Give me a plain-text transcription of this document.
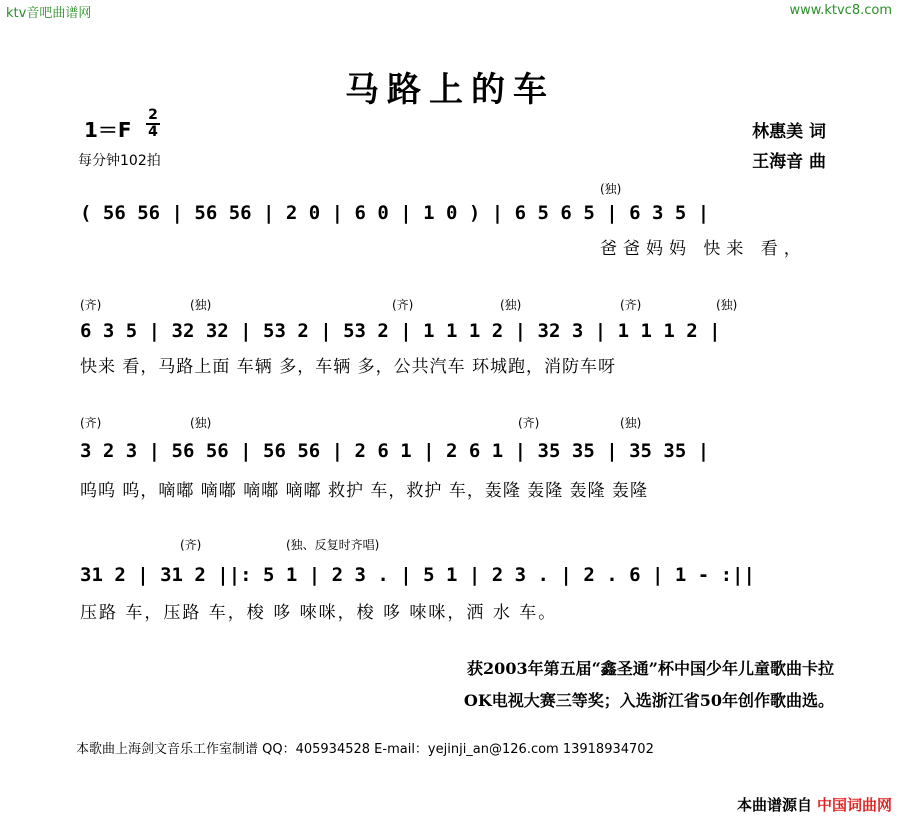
ktv音吧曲谱网	www.ktvc8.com
马路上的车
1＝F
2
4
每分钟102拍
林惠美 词
王海音 曲
(独)
( 56 56 | 56 56 | 2 0 | 6 0 | 1 0 ) | 6 5 6 5 | 6 3 5 |
爸爸妈妈 快来 看，
(齐)	(独)	(齐)	(独)	(齐)	(独)
6 3 5 | 32 32 | 53 2 | 53 2 | 1 1 1 2 | 32 3 | 1 1 1 2 |
快来 看，马路上面 车辆 多，车辆 多，公共汽车 环城跑，消防车呀
(齐)	(独)	(齐)	(独)
3 2 3 | 56 56 | 56 56 | 2 6 1 | 2 6 1 | 35 35 | 35 35 |
呜呜 呜，嘀嘟 嘀嘟 嘀嘟 嘀嘟 救护 车，救护 车，轰隆 轰隆 轰隆 轰隆
(齐)	(独、反复时齐唱)
31 2 | 31 2 ||: 5 1 | 2 3 . | 5 1 | 2 3 . | 2 . 6 | 1 - :||
压路 车，压路 车，梭 哆 唻咪，梭 哆 唻咪，洒 水 车。
获2003年第五届“鑫圣通”杯中国少年儿童歌曲卡拉
OK电视大赛三等奖；入选浙江省50年创作歌曲选。
本歌曲上海剑文音乐工作室制谱 QQ：405934528 E-mail：yejinji_an@126.com 13918934702
本曲谱源自 中国词曲网
